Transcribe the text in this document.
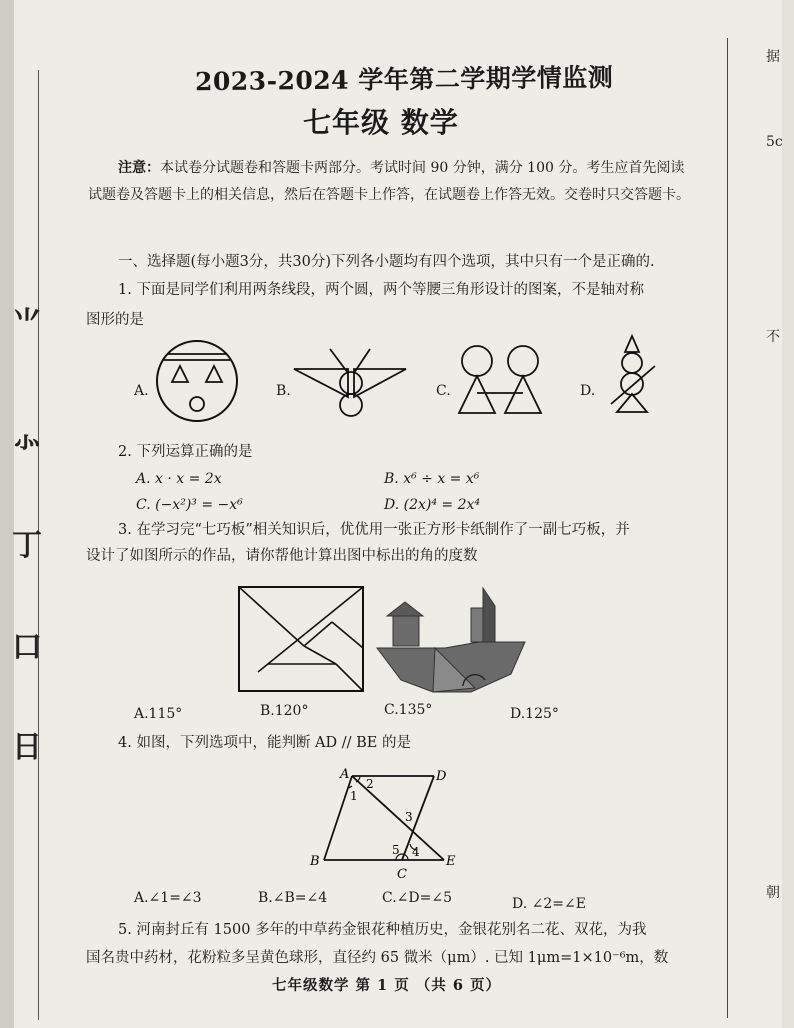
⺌
⺗
丁
口
日
据
5c
不
朝
2023-2024 学年第二学期学情监测
七年级 数学
注意：本试卷分试题卷和答题卡两部分。考试时间 90 分钟，满分 100 分。考生应首先阅读试题卷及答题卡上的相关信息，然后在答题卡上作答，在试题卷上作答无效。交卷时只交答题卡。
一、选择题(每小题3分，共30分)下列各小题均有四个选项，其中只有一个是正确的.
1. 下面是同学们利用两条线段，两个圆，两个等腰三角形设计的图案，不是轴对称
图形的是
A.	B.	C.	D.
2. 下列运算正确的是
A. x · x = 2x	B. x⁶ ÷ x = x⁶
C. (−x²)³ = −x⁶	D. (2x)⁴ = 2x⁴
3. 在学习完“七巧板”相关知识后，优优用一张正方形卡纸制作了一副七巧板，并
设计了如图所示的作品，请你帮他计算出图中标出的角的度数
A.115°	B.120°	C.135°	D.125°
4. 如图，下列选项中，能判断 AD // BE 的是
A	D
B
C
E
1
2
3
4
5
A.∠1=∠3	B.∠B=∠4	C.∠D=∠5	D. ∠2=∠E
5. 河南封丘有 1500 多年的中草药金银花种植历史，金银花别名二花、双花，为我
国名贵中药材，花粉粒多呈黄色球形，直径约 65 微米（μm）. 已知 1μm=1×10⁻⁶m，数
七年级数学 第 1 页 （共 6 页）
